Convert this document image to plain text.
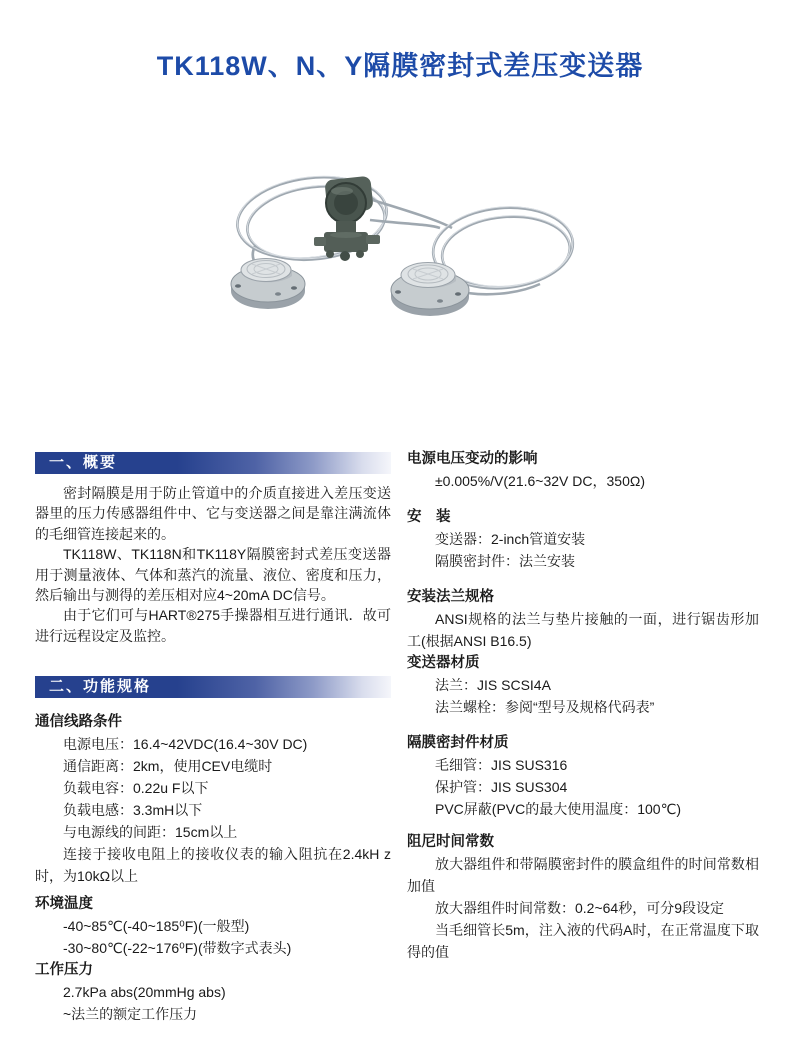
TK118W、N、Y隔膜密封式差压变送器
一、概要

密封隔膜是用于防止管道中的介质直接进入差压变送器里的压力传感器组件中、它与变送器之间是靠注满流体的毛细管连接起来的。

TK118W、TK118N和TK118Y隔膜密封式差压变送器用于测量液体、气体和蒸汽的流量、液位、密度和压力，然后输出与测得的差压相对应4~20mA DC信号。

由于它们可与HART®275手操器相互进行通讯．故可进行远程设定及监控。

二、功能规格

通信线路条件

电源电压：16.4~42VDC(16.4~30V DC)

通信距离：2km，使用CEV电缆时

负载电容：0.22u F以下

负载电感：3.3mH以下

与电源线的间距：15cm以上

连接于接收电阻上的接收仪表的输入阻抗在2.4kH z时，为10kΩ以上

环境温度

-40~85℃(-40~185⁰F)(一般型)

-30~80℃(-22~176⁰F)(带数字式表头)

工作压力

2.7kPa abs(20mmHg abs)

~法兰的额定工作压力

电源电压变动的影响

±0.005%/V(21.6~32V DC，350Ω)

安　装

变送器：2-inch管道安装

隔膜密封件：法兰安装

安装法兰规格

ANSI规格的法兰与垫片接触的一面，进行锯齿形加工(根据ANSI B16.5)

变送器材质

法兰：JIS SCSI4A

法兰螺栓：参阅“型号及规格代码表”

隔膜密封件材质

毛细管：JIS SUS316

保护管：JIS SUS304

PVC屏蔽(PVC的最大使用温度：100℃)

阻尼时间常数

放大器组件和带隔膜密封件的膜盒组件的时间常数相加值

放大器组件时间常数：0.2~64秒，可分9段设定

当毛细管长5m，注入液的代码A时，在正常温度下取得的值
